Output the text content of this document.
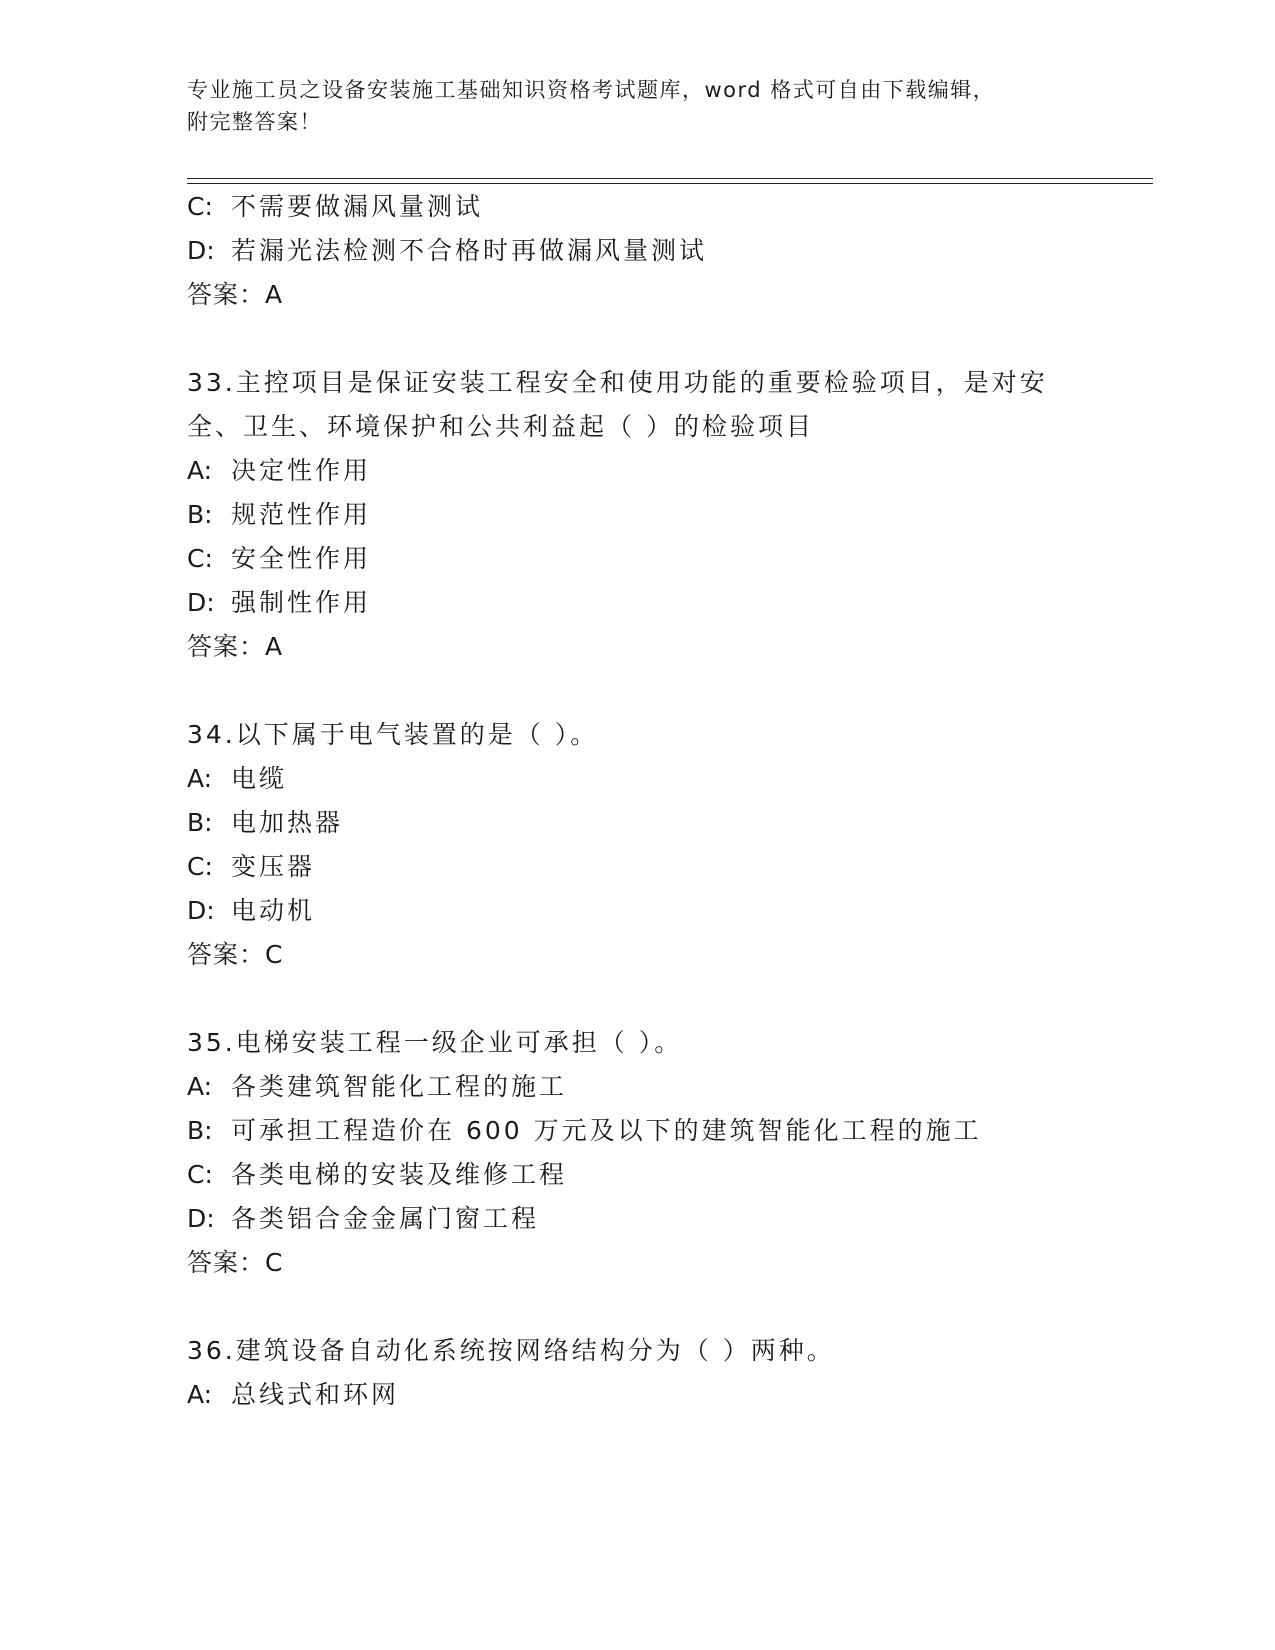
专业施工员之设备安装施工基础知识资格考试题库，word 格式可自由下载编辑，
附完整答案！
C: 不需要做漏风量测试
D: 若漏光法检测不合格时再做漏风量测试
答案：A
33.主控项目是保证安装工程安全和使用功能的重要检验项目，是对安
全、卫生、环境保护和公共利益起（ ）的检验项目
A: 决定性作用
B: 规范性作用
C: 安全性作用
D: 强制性作用
答案：A
34.以下属于电气装置的是（ ）。
A: 电缆
B: 电加热器
C: 变压器
D: 电动机
答案：C
35.电梯安装工程一级企业可承担（ ）。
A: 各类建筑智能化工程的施工
B: 可承担工程造价在 600 万元及以下的建筑智能化工程的施工
C: 各类电梯的安装及维修工程
D: 各类铝合金金属门窗工程
答案：C
36.建筑设备自动化系统按网络结构分为（ ）两种。
A: 总线式和环网
